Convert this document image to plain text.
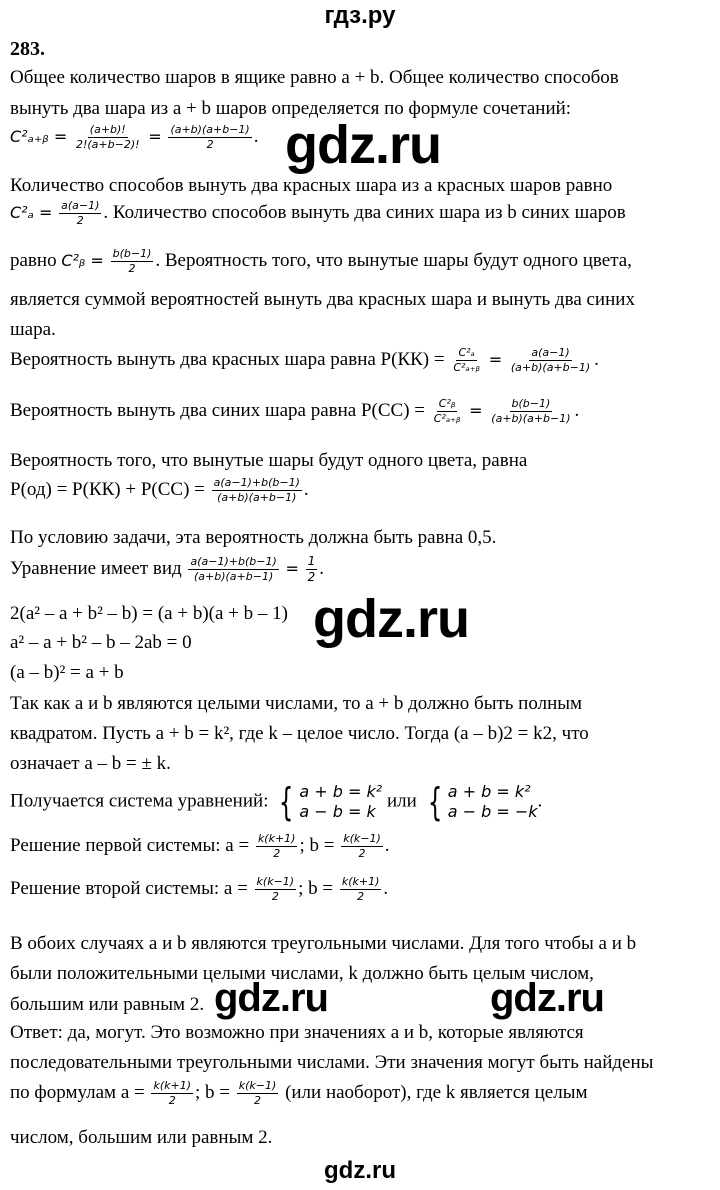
гдз.ру
283.
Общее количество шаров в ящике равно a + b. Общее количество способов
вынуть два шара из a + b шаров определяется по формуле сочетаний:
C²ₐ₊ᵦ = $\frac{(a+b)!}{2!(a+b-2)!} = \frac{(a+b)(a+b-1)}{2}$ .
Количество способов вынуть два красных шара из a красных шаров равно
$C^2_a = \frac{a(a-1)}{2}$ . Количество способов вынуть два синих шара из b синих шаров
равно C²ᵦ = $\frac{b(b-1)}{2}$ . Вероятность того, что вынутые шары будут одного цвета,
является суммой вероятностей вынуть два красных шара и вынуть два синих
шара.
Вероятность вынуть два красных шара равна $P(КК) = \frac{\text{C²ₐ}}{\text{C²ₐ₊ᵦ}} = \frac{a(a-1)}{(a+b)(a+b-1)}$ .
Вероятность вынуть два синих шара равна $P(СС) = \frac{\text{C²ᵦ}}{\text{C²ₐ₊ᵦ}} = \frac{b(b-1)}{(a+b)(a+b-1)}$ .
Вероятность того, что вынутые шары будут одного цвета, равна
$P(од) = P(КК) + P(СС) = \frac{a(a-1)+b(b-1)}{(a+b)(a+b-1)}$ .
По условию задачи, эта вероятность должна быть равна 0,5.
Уравнение имеет вид $\frac{a(a-1)+b(b-1)}{(a+b)(a+b-1)} = \frac{1}{2}$ .
2(a² – a + b² – b) = (a + b)(a + b – 1)
a² – a + b² – b – 2ab = 0
(a – b)² = a + b
Так как a и b являются целыми числами, то a + b должно быть полным
квадратом. Пусть a + b = k², где k – целое число. Тогда (a – b)2 = k2, что
означает a – b = ± k.
Получается система уравнений: { a + b = k²
a − b = k
или { a + b = k²
a − b = −k
.
Решение первой системы: $a = \frac{k(k+1)}{2}$ ; $b = \frac{k(k-1)}{2}$ .
Решение второй системы: $a = \frac{k(k-1)}{2}$ ; $b = \frac{k(k+1)}{2}$ .
В обоих случаях a и b являются треугольными числами. Для того чтобы a и b
были положительными целыми числами, k должно быть целым числом,
большим или равным 2.
Ответ: да, могут. Это возможно при значениях a и b, которые являются
последовательными треугольными числами. Эти значения могут быть найдены
по формулам $a = \frac{k(k+1)}{2}$ ; $b = \frac{k(k-1)}{2} (или$ наоборот), где k является целым
числом, большим или равным 2.
gdz.ru
gdz.ru
gdz.ru	gdz.ru
gdz.ru
